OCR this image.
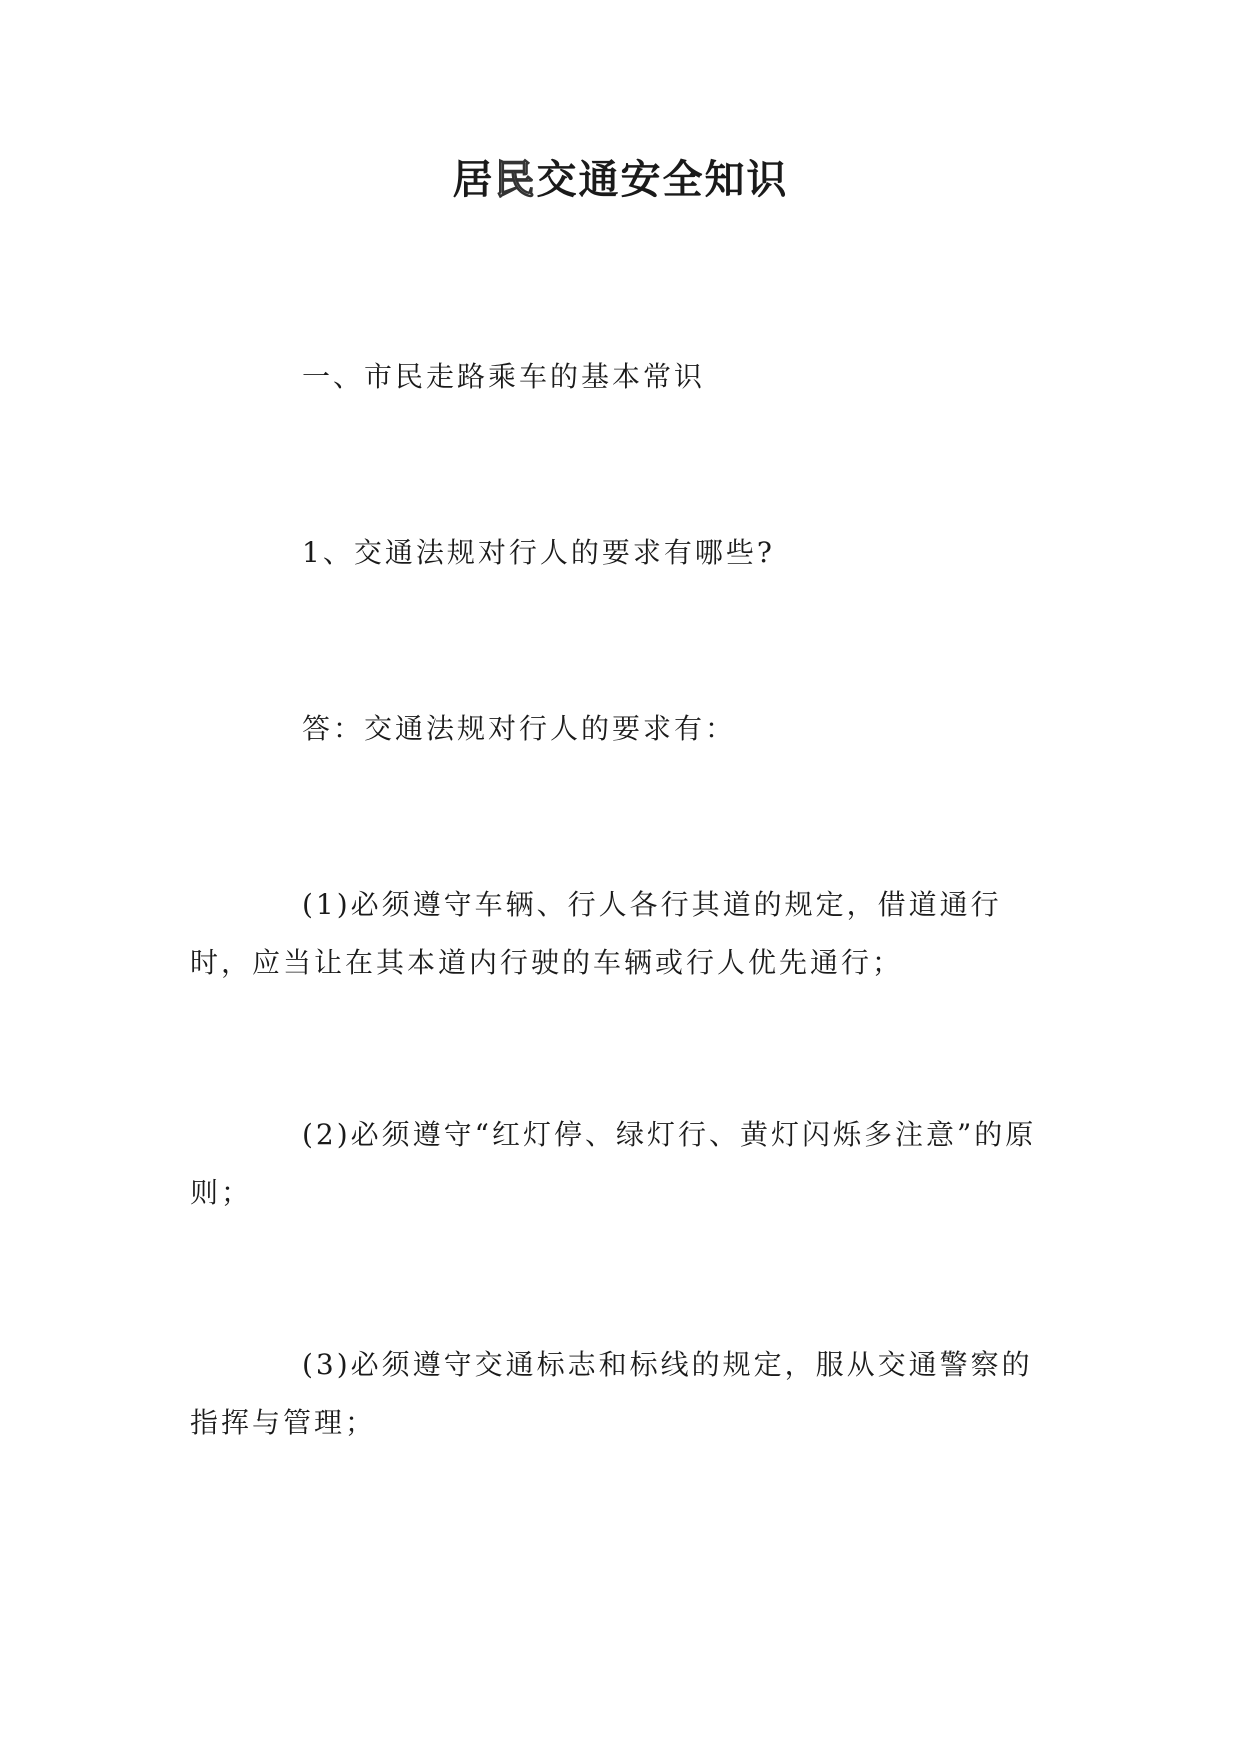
居民交通安全知识

一、市民走路乘车的基本常识

1、交通法规对行人的要求有哪些?

答：交通法规对行人的要求有：

(1)必须遵守车辆、行人各行其道的规定，借道通行时，应当让在其本道内行驶的车辆或行人优先通行；

(2)必须遵守“红灯停、绿灯行、黄灯闪烁多注意”的原则；

(3)必须遵守交通标志和标线的规定，服从交通警察的指挥与管理；
